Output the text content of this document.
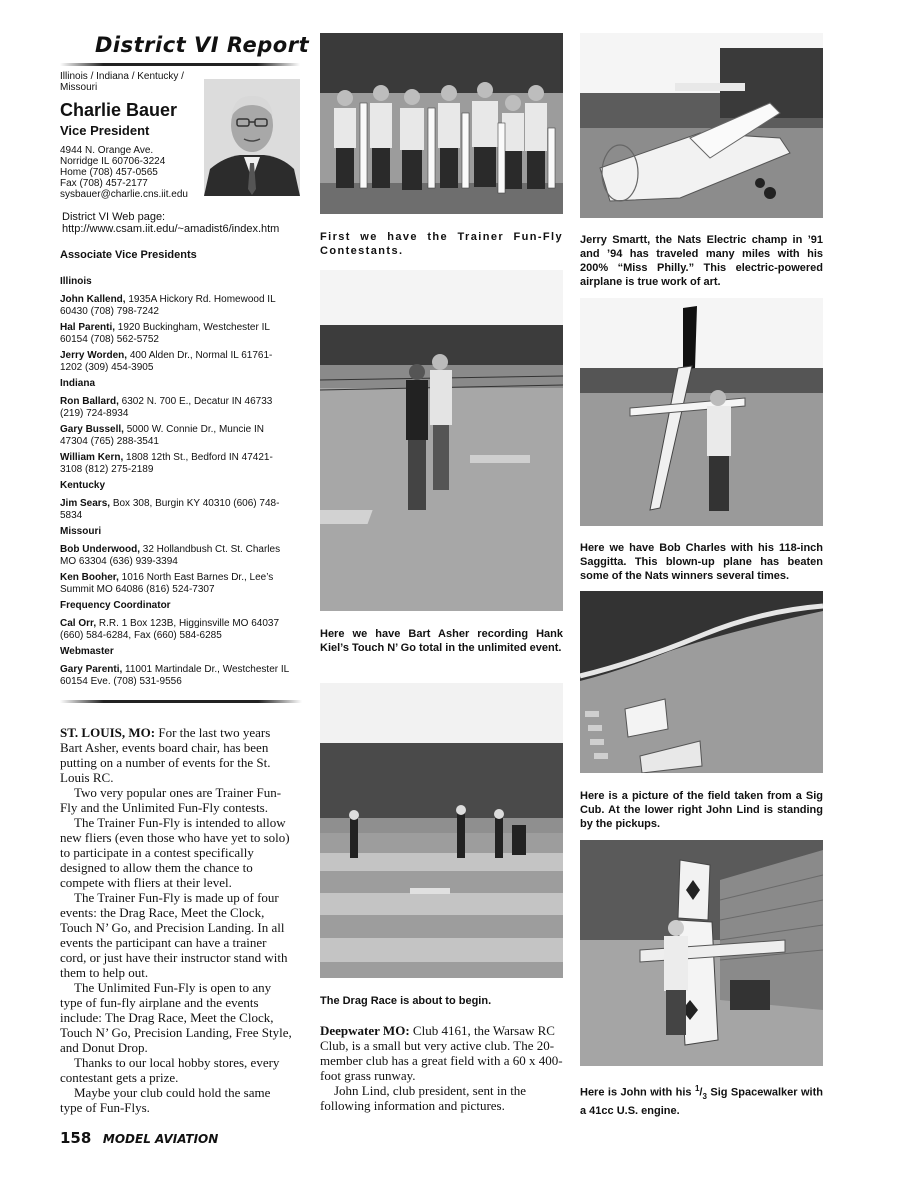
District VI Report
Illinois / Indiana / Kentucky / Missouri
Charlie Bauer
Vice President
4944 N. Orange Ave.
Norridge IL 60706-3224
Home (708) 457-0565
Fax (708) 457-2177
sysbauer@charlie.cns.iit.edu
District VI Web page:
http://www.csam.iit.edu/~amadist6/index.htm
Associate Vice Presidents
Illinois
John Kallend, 1935A Hickory Rd. Homewood IL 60430 (708) 798-7242
Hal Parenti, 1920 Buckingham, Westchester IL 60154 (708) 562-5752
Jerry Worden, 400 Alden Dr., Normal IL 61761-1202 (309) 454-3905
Indiana
Ron Ballard, 6302 N. 700 E., Decatur IN 46733 (219) 724-8934
Gary Bussell, 5000 W. Connie Dr., Muncie IN 47304 (765) 288-3541
William Kern, 1808 12th St., Bedford IN 47421-3108 (812) 275-2189
Kentucky
Jim Sears, Box 308, Burgin KY 40310 (606) 748-5834
Missouri
Bob Underwood, 32 Hollandbush Ct. St. Charles MO 63304 (636) 939-3394
Ken Booher, 1016 North East Barnes Dr., Lee’s Summit MO 64086 (816) 524-7307
Frequency Coordinator
Cal Orr, R.R. 1 Box 123B, Higginsville MO 64037 (660) 584-6284, Fax (660) 584-6285
Webmaster
Gary Parenti, 11001 Martindale Dr., Westchester IL 60154 Eve. (708) 531-9556

ST. LOUIS, MO: For the last two years Bart Asher, events board chair, has been putting on a number of events for the St. Louis RC.

Two very popular ones are Trainer Fun-Fly and the Unlimited Fun-Fly contests.

The Trainer Fun-Fly is intended to allow new fliers (even those who have yet to solo) to participate in a contest specifically designed to allow them the chance to compete with fliers at their level.

The Trainer Fun-Fly is made up of four events: the Drag Race, Meet the Clock, Touch N’ Go, and Precision Landing. In all events the participant can have a trainer cord, or just have their instructor stand with them to help out.

The Unlimited Fun-Fly is open to any type of fun-fly airplane and the events include: The Drag Race, Meet the Clock, Touch N’ Go, Precision Landing, Free Style, and Donut Drop.

Thanks to our local hobby stores, every contestant gets a prize.

Maybe your club could hold the same type of Fun-Flys.

First we have the Trainer Fun-Fly Contestants.
Here we have Bart Asher recording Hank Kiel’s Touch N’ Go total in the unlimited event.
The Drag Race is about to begin.

Deepwater MO: Club 4161, the Warsaw RC Club, is a small but very active club. The 20-member club has a great field with a 60 x 400-foot grass runway.

John Lind, club president, sent in the following information and pictures.

Jerry Smartt, the Nats Electric champ in ’91 and ’94 has traveled many miles with his 200% “Miss Philly.” This electric-powered airplane is true work of art.
Here we have Bob Charles with his 118-inch Saggitta. This blown-up plane has beaten some of the Nats winners several times.
Here is a picture of the field taken from a Sig Cub. At the lower right John Lind is standing by the pickups.
Here is John with his $^1/_3$ Sig Spacewalker with a 41cc U.S. engine.
158 MODEL AVIATION
